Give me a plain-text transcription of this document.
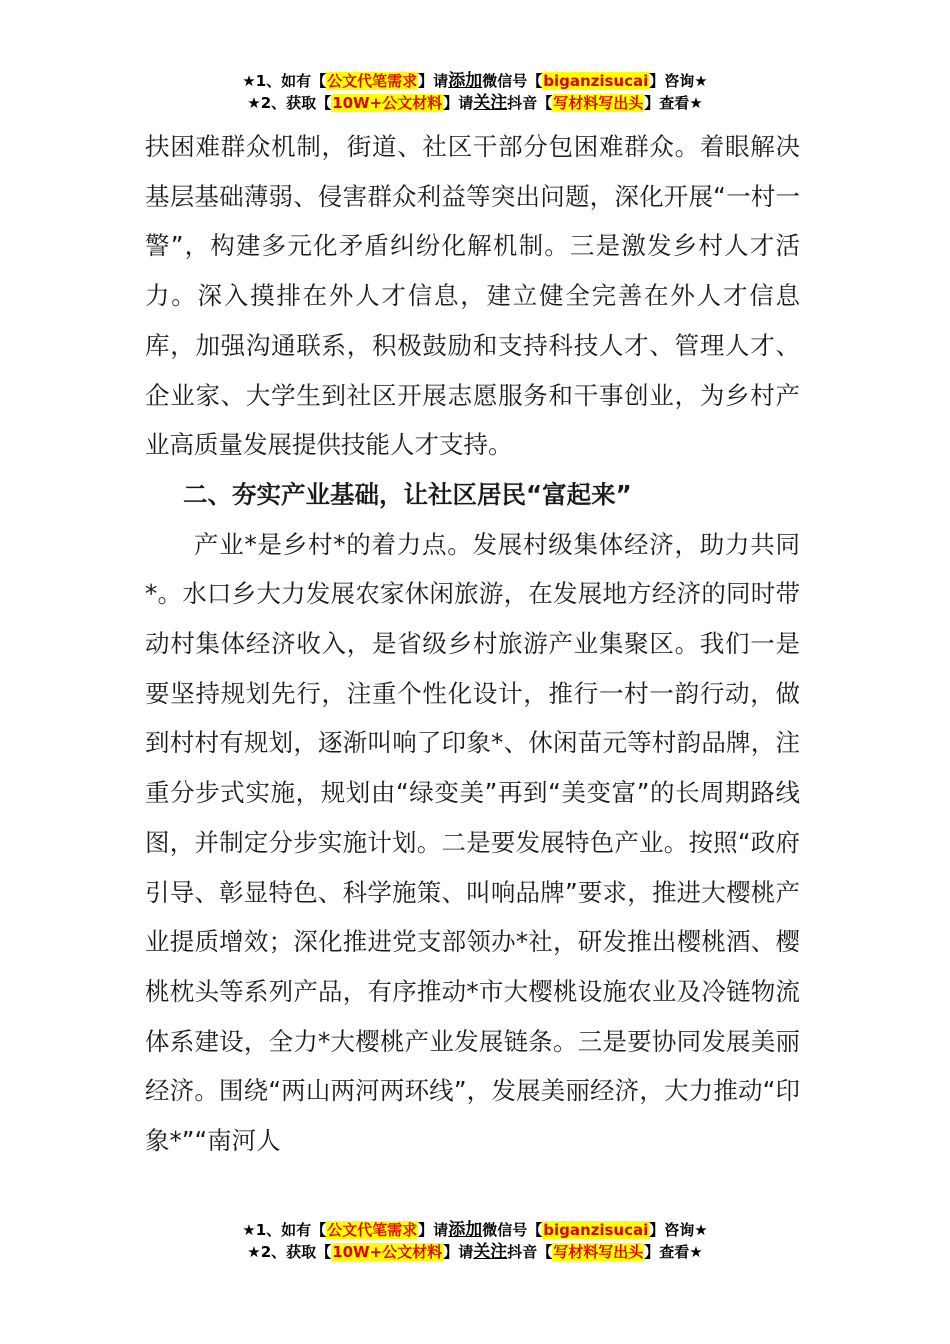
★1、如有【公文代笔需求】请添加微信号【biganzisucai】咨询★
★2、获取【10W+公文材料】请关注抖音【写材料写出头】查看★

扶困难群众机制，街道、社区干部分包困难群众。着眼解决基层基础薄弱、侵害群众利益等突出问题，深化开展“一村一警”，构建多元化矛盾纠纷化解机制。三是激发乡村人才活力。深入摸排在外人才信息，建立健全完善在外人才信息库，加强沟通联系，积极鼓励和支持科技人才、管理人才、企业家、大学生到社区开展志愿服务和干事创业，为乡村产业高质量发展提供技能人才支持。

二、夯实产业基础，让社区居民“富起来”

产业*是乡村*的着力点。发展村级集体经济，助力共同*。水口乡大力发展农家休闲旅游，在发展地方经济的同时带动村集体经济收入，是省级乡村旅游产业集聚区。我们一是要坚持规划先行，注重个性化设计，推行一村一韵行动，做到村村有规划，逐渐叫响了印象*、休闲苗元等村韵品牌，注重分步式实施，规划由“绿变美”再到“美变富”的长周期路线图，并制定分步实施计划。二是要发展特色产业。按照“政府引导、彰显特色、科学施策、叫响品牌”要求，推进大樱桃产业提质增效；深化推进党支部领办*社，研发推出樱桃酒、樱桃枕头等系列产品，有序推动*市大樱桃设施农业及冷链物流体系建设，全力*大樱桃产业发展链条。三是要协同发展美丽经济。围绕“两山两河两环线”，发展美丽经济，大力推动“印象*”“南河人

★1、如有【公文代笔需求】请添加微信号【biganzisucai】咨询★
★2、获取【10W+公文材料】请关注抖音【写材料写出头】查看★
